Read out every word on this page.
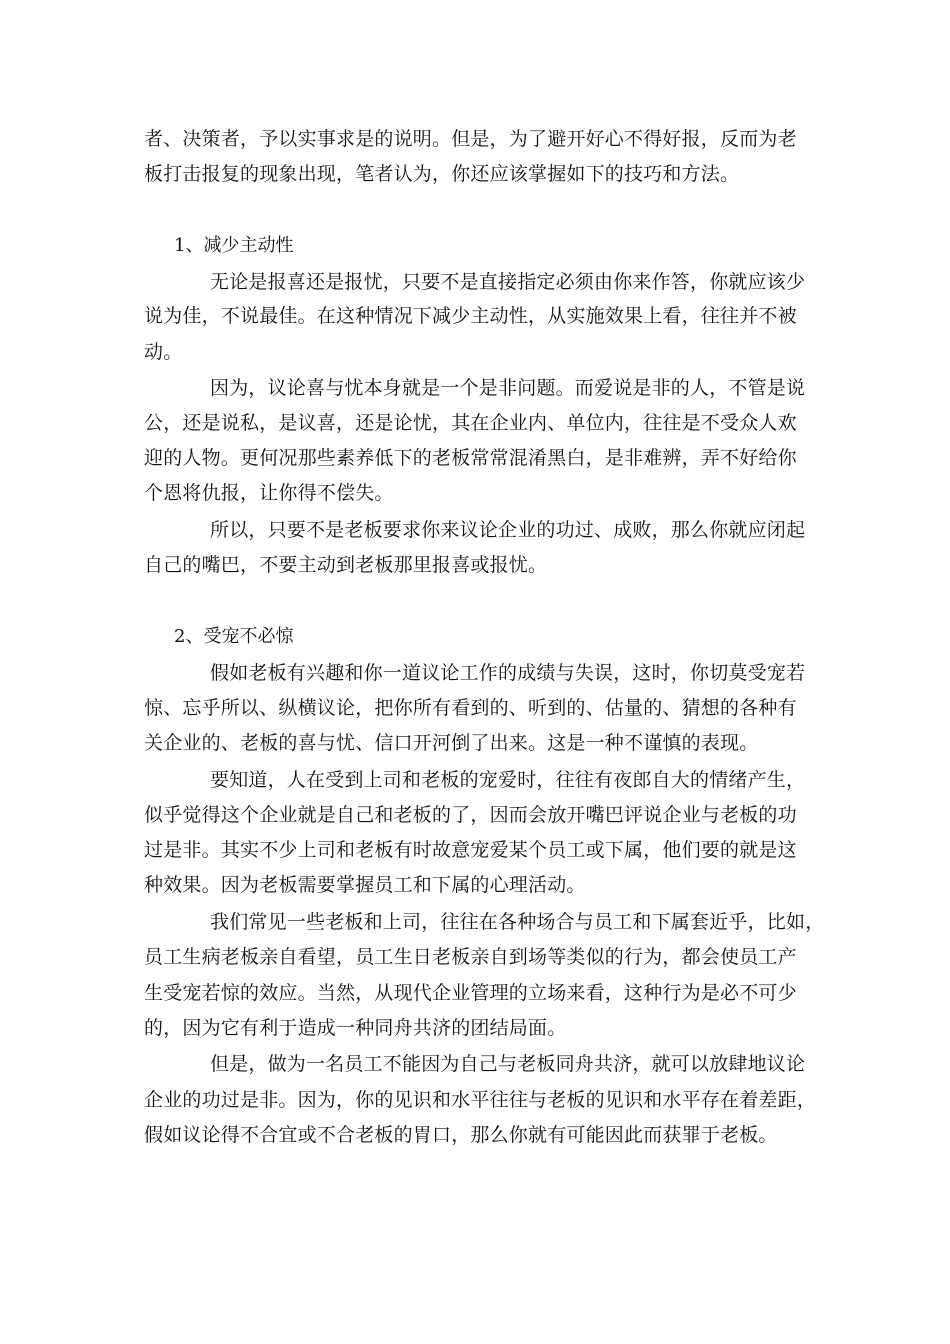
者、决策者，予以实事求是的说明。但是，为了避开好心不得好报，反而为老
板打击报复的现象出现，笔者认为，你还应该掌握如下的技巧和方法。
1、减少主动性
无论是报喜还是报忧，只要不是直接指定必须由你来作答，你就应该少
说为佳，不说最佳。在这种情况下减少主动性，从实施效果上看，往往并不被
动。
因为，议论喜与忧本身就是一个是非问题。而爱说是非的人，不管是说
公，还是说私，是议喜，还是论忧，其在企业内、单位内，往往是不受众人欢
迎的人物。更何况那些素养低下的老板常常混淆黑白，是非难辨，弄不好给你
个恩将仇报，让你得不偿失。
所以，只要不是老板要求你来议论企业的功过、成败，那么你就应闭起
自己的嘴巴，不要主动到老板那里报喜或报忧。
2、受宠不必惊
假如老板有兴趣和你一道议论工作的成绩与失误，这时，你切莫受宠若
惊、忘乎所以、纵横议论，把你所有看到的、听到的、估量的、猜想的各种有
关企业的、老板的喜与忧、信口开河倒了出来。这是一种不谨慎的表现。
要知道，人在受到上司和老板的宠爱时，往往有夜郎自大的情绪产生，
似乎觉得这个企业就是自己和老板的了，因而会放开嘴巴评说企业与老板的功
过是非。其实不少上司和老板有时故意宠爱某个员工或下属，他们要的就是这
种效果。因为老板需要掌握员工和下属的心理活动。
我们常见一些老板和上司，往往在各种场合与员工和下属套近乎，比如，
员工生病老板亲自看望，员工生日老板亲自到场等类似的行为，都会使员工产
生受宠若惊的效应。当然，从现代企业管理的立场来看，这种行为是必不可少
的，因为它有利于造成一种同舟共济的团结局面。
但是，做为一名员工不能因为自己与老板同舟共济，就可以放肆地议论
企业的功过是非。因为，你的见识和水平往往与老板的见识和水平存在着差距，
假如议论得不合宜或不合老板的胃口，那么你就有可能因此而获罪于老板。
